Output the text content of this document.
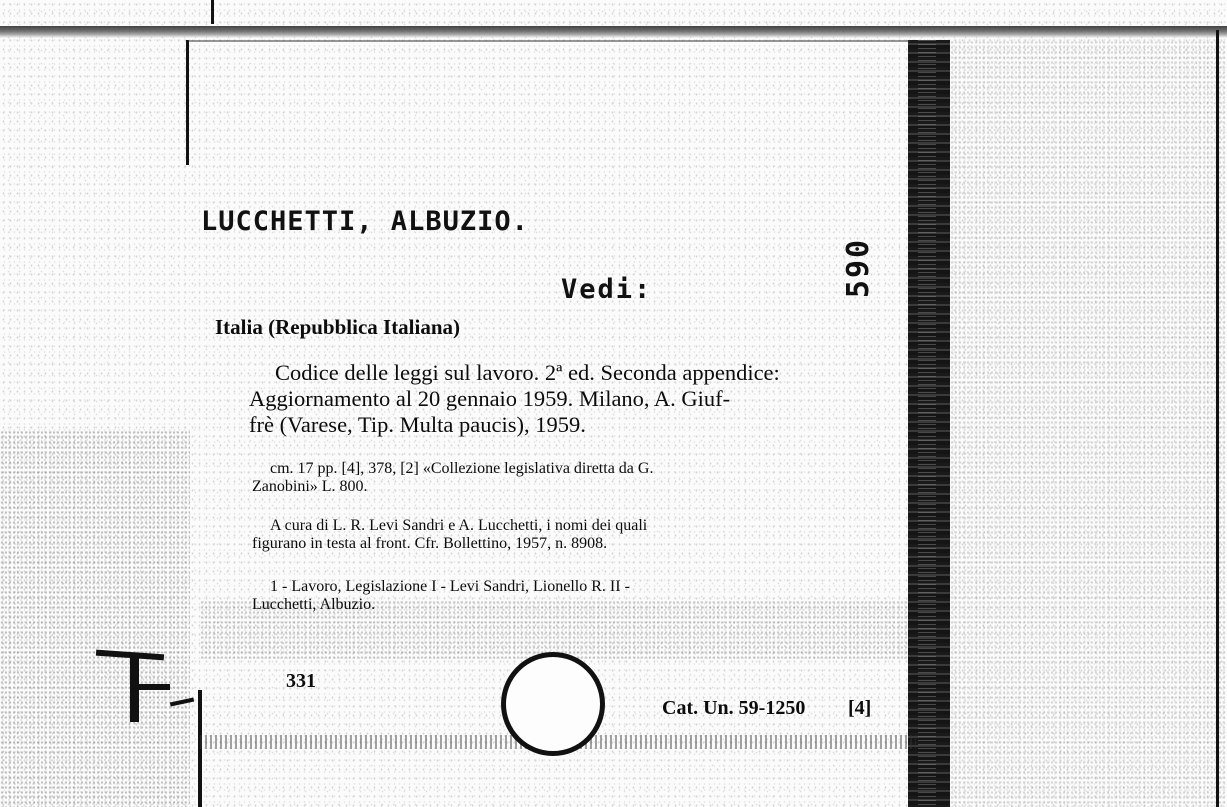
LUCCHETTI, ALBUZIO.
Vedi:	590
Italia (Repubblica Italiana)

Codice delle leggi sul lavoro. 2ª ed. Seconda appendice:

Aggiornamento al 20 gennaio 1959. Milano, A. Giuf-

frè (Varese, Tip. Multa paucis), 1959.

cm. 17 pp. [4], 378, [2] «Collezione legislativa diretta da G.
Zanobini» L. 800.
A cura di L. R. Levi Sandri e A. Lucchetti, i nomi dei quali
figurano in testa al front. Cfr. Bollettino, 1957, n. 8908.
1 - Lavoro, Legislazione I - Levi Sandri, Lionello R. II -
Lucchetti, Albuzio.
331
Cat. Un. 59-1250 [4]
